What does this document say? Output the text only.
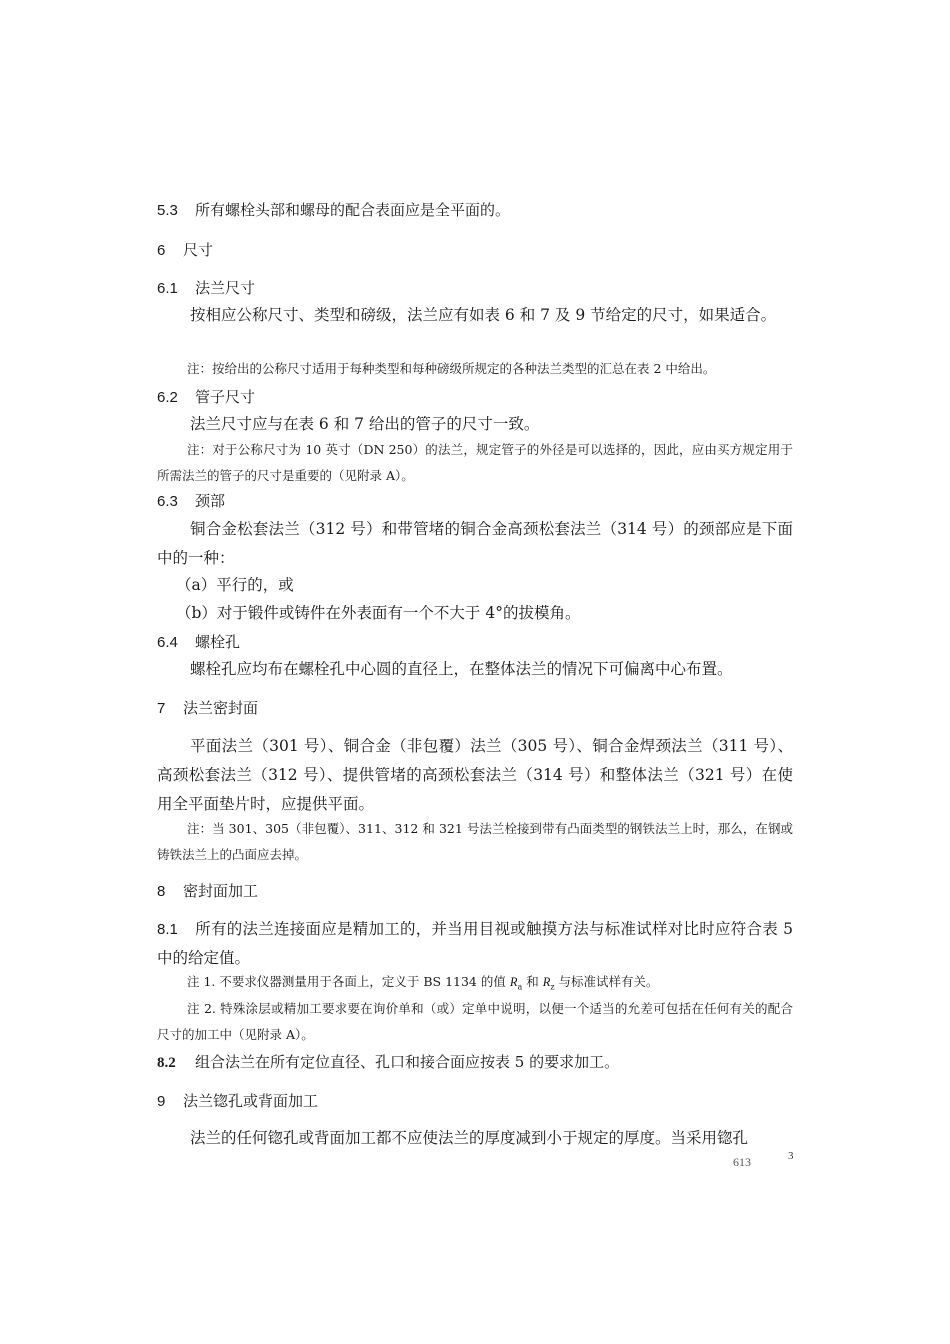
5.3 所有螺栓头部和螺母的配合表面应是全平面的。
6 尺寸
6.1 法兰尺寸
按相应公称尺寸、类型和磅级，法兰应有如表 6 和 7 及 9 节给定的尺寸，如果适合。
注：按给出的公称尺寸适用于每种类型和每种磅级所规定的各种法兰类型的汇总在表 2 中给出。
6.2 管子尺寸
法兰尺寸应与在表 6 和 7 给出的管子的尺寸一致。
注：对于公称尺寸为 10 英寸（DN 250）的法兰，规定管子的外径是可以选择的，因此，应由买方规定用于所需法兰的管子的尺寸是重要的（见附录 A）。
6.3 颈部
铜合金松套法兰（312 号）和带管堵的铜合金高颈松套法兰（314 号）的颈部应是下面中的一种：
（a）平行的，或
（b）对于锻件或铸件在外表面有一个不大于 4°的拔模角。
6.4 螺栓孔
螺栓孔应均布在螺栓孔中心圆的直径上，在整体法兰的情况下可偏离中心布置。
7 法兰密封面
平面法兰（301 号）、铜合金（非包覆）法兰（305 号）、铜合金焊颈法兰（311 号）、高颈松套法兰（312 号）、提供管堵的高颈松套法兰（314 号）和整体法兰（321 号）在使用全平面垫片时，应提供平面。
注：当 301、305（非包覆）、311、312 和 321 号法兰栓接到带有凸面类型的钢铁法兰上时，那么，在钢或铸铁法兰上的凸面应去掉。
8 密封面加工
8.1 所有的法兰连接面应是精加工的，并当用目视或触摸方法与标准试样对比时应符合表 5 中的给定值。
注 1. 不要求仪器测量用于各面上，定义于 BS 1134 的值 $R_a$ 和 $R_z$ 与标准试样有关。
注 2. 特殊涂层或精加工要求要在询价单和（或）定单中说明，以便一个适当的允差可包括在任何有关的配合尺寸的加工中（见附录 A）。
8.2 组合法兰在所有定位直径、孔口和接合面应按表 5 的要求加工。
9 法兰锪孔或背面加工
法兰的任何锪孔或背面加工都不应使法兰的厚度减到小于规定的厚度。当采用锪孔
613	3
